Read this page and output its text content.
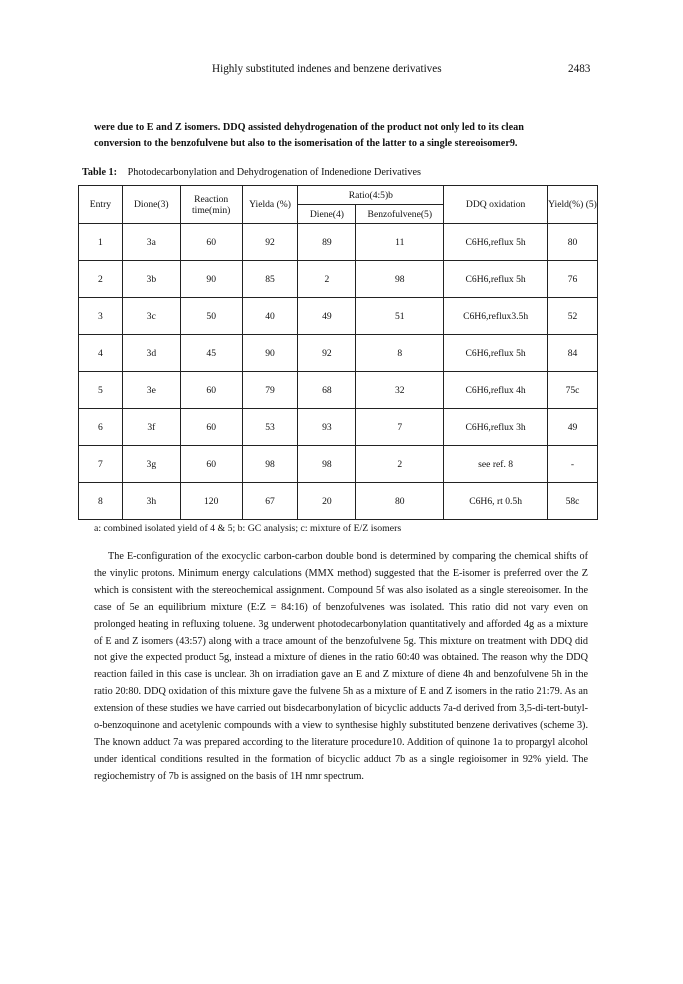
Highly substituted indenes and benzene derivatives	2483

were due to E and Z isomers. DDQ assisted dehydrogenation of the product not only led to its clean

conversion to the benzofulvene but also to the isomerisation of the latter to a single stereoisomer9.

Table 1: Photodecarbonylation and Dehydrogenation of Indenedione Derivatives
Entry	Dione(3)	Reaction time(min)	Yielda (%)	Ratio(4:5)b		DDQ oxidation	Yield(%) (5)
				Diene(4)	Benzofulvene(5)		
1	3a	60	92	89	11	C6H6,reflux 5h	80
2	3b	90	85	2	98	C6H6,reflux 5h	76
3	3c	50	40	49	51	C6H6,reflux3.5h	52
4	3d	45	90	92	8	C6H6,reflux 5h	84
5	3e	60	79	68	32	C6H6,reflux 4h	75c
6	3f	60	53	93	7	C6H6,reflux 3h	49
7	3g	60	98	98	2	see ref. 8	-
8	3h	120	67	20	80	C6H6, rt 0.5h	58c
a: combined isolated yield of 4 & 5; b: GC analysis; c: mixture of E/Z isomers

The E-configuration of the exocyclic carbon-carbon double bond is determined by comparing the chemical shifts of the vinylic protons. Minimum energy calculations (MMX method) suggested that the E-isomer is preferred over the Z which is consistent with the stereochemical assignment. Compound 5f was also isolated as a single stereoisomer. In the case of 5e an equilibrium mixture (E:Z = 84:16) of benzofulvenes was isolated. This ratio did not vary even on prolonged heating in refluxing toluene. 3g underwent photodecarbonylation quantitatively and afforded 4g as a mixture of E and Z isomers (43:57) along with a trace amount of the benzofulvene 5g. This mixture on treatment with DDQ did not give the expected product 5g, instead a mixture of dienes in the ratio 60:40 was obtained. The reason why the DDQ reaction failed in this case is unclear. 3h on irradiation gave an E and Z mixture of diene 4h and benzofulvene 5h in the ratio 20:80. DDQ oxidation of this mixture gave the fulvene 5h as a mixture of E and Z isomers in the ratio 21:79. As an extension of these studies we have carried out bisdecarbonylation of bicyclic adducts 7a-d derived from 3,5-di-tert-butyl-o-benzoquinone and acetylenic compounds with a view to synthesise highly substituted benzene derivatives (scheme 3). The known adduct 7a was prepared according to the literature procedure10. Addition of quinone 1a to propargyl alcohol under identical conditions resulted in the formation of bicyclic adduct 7b as a single regioisomer in 92% yield. The regiochemistry of 7b is assigned on the basis of 1H nmr spectrum.
